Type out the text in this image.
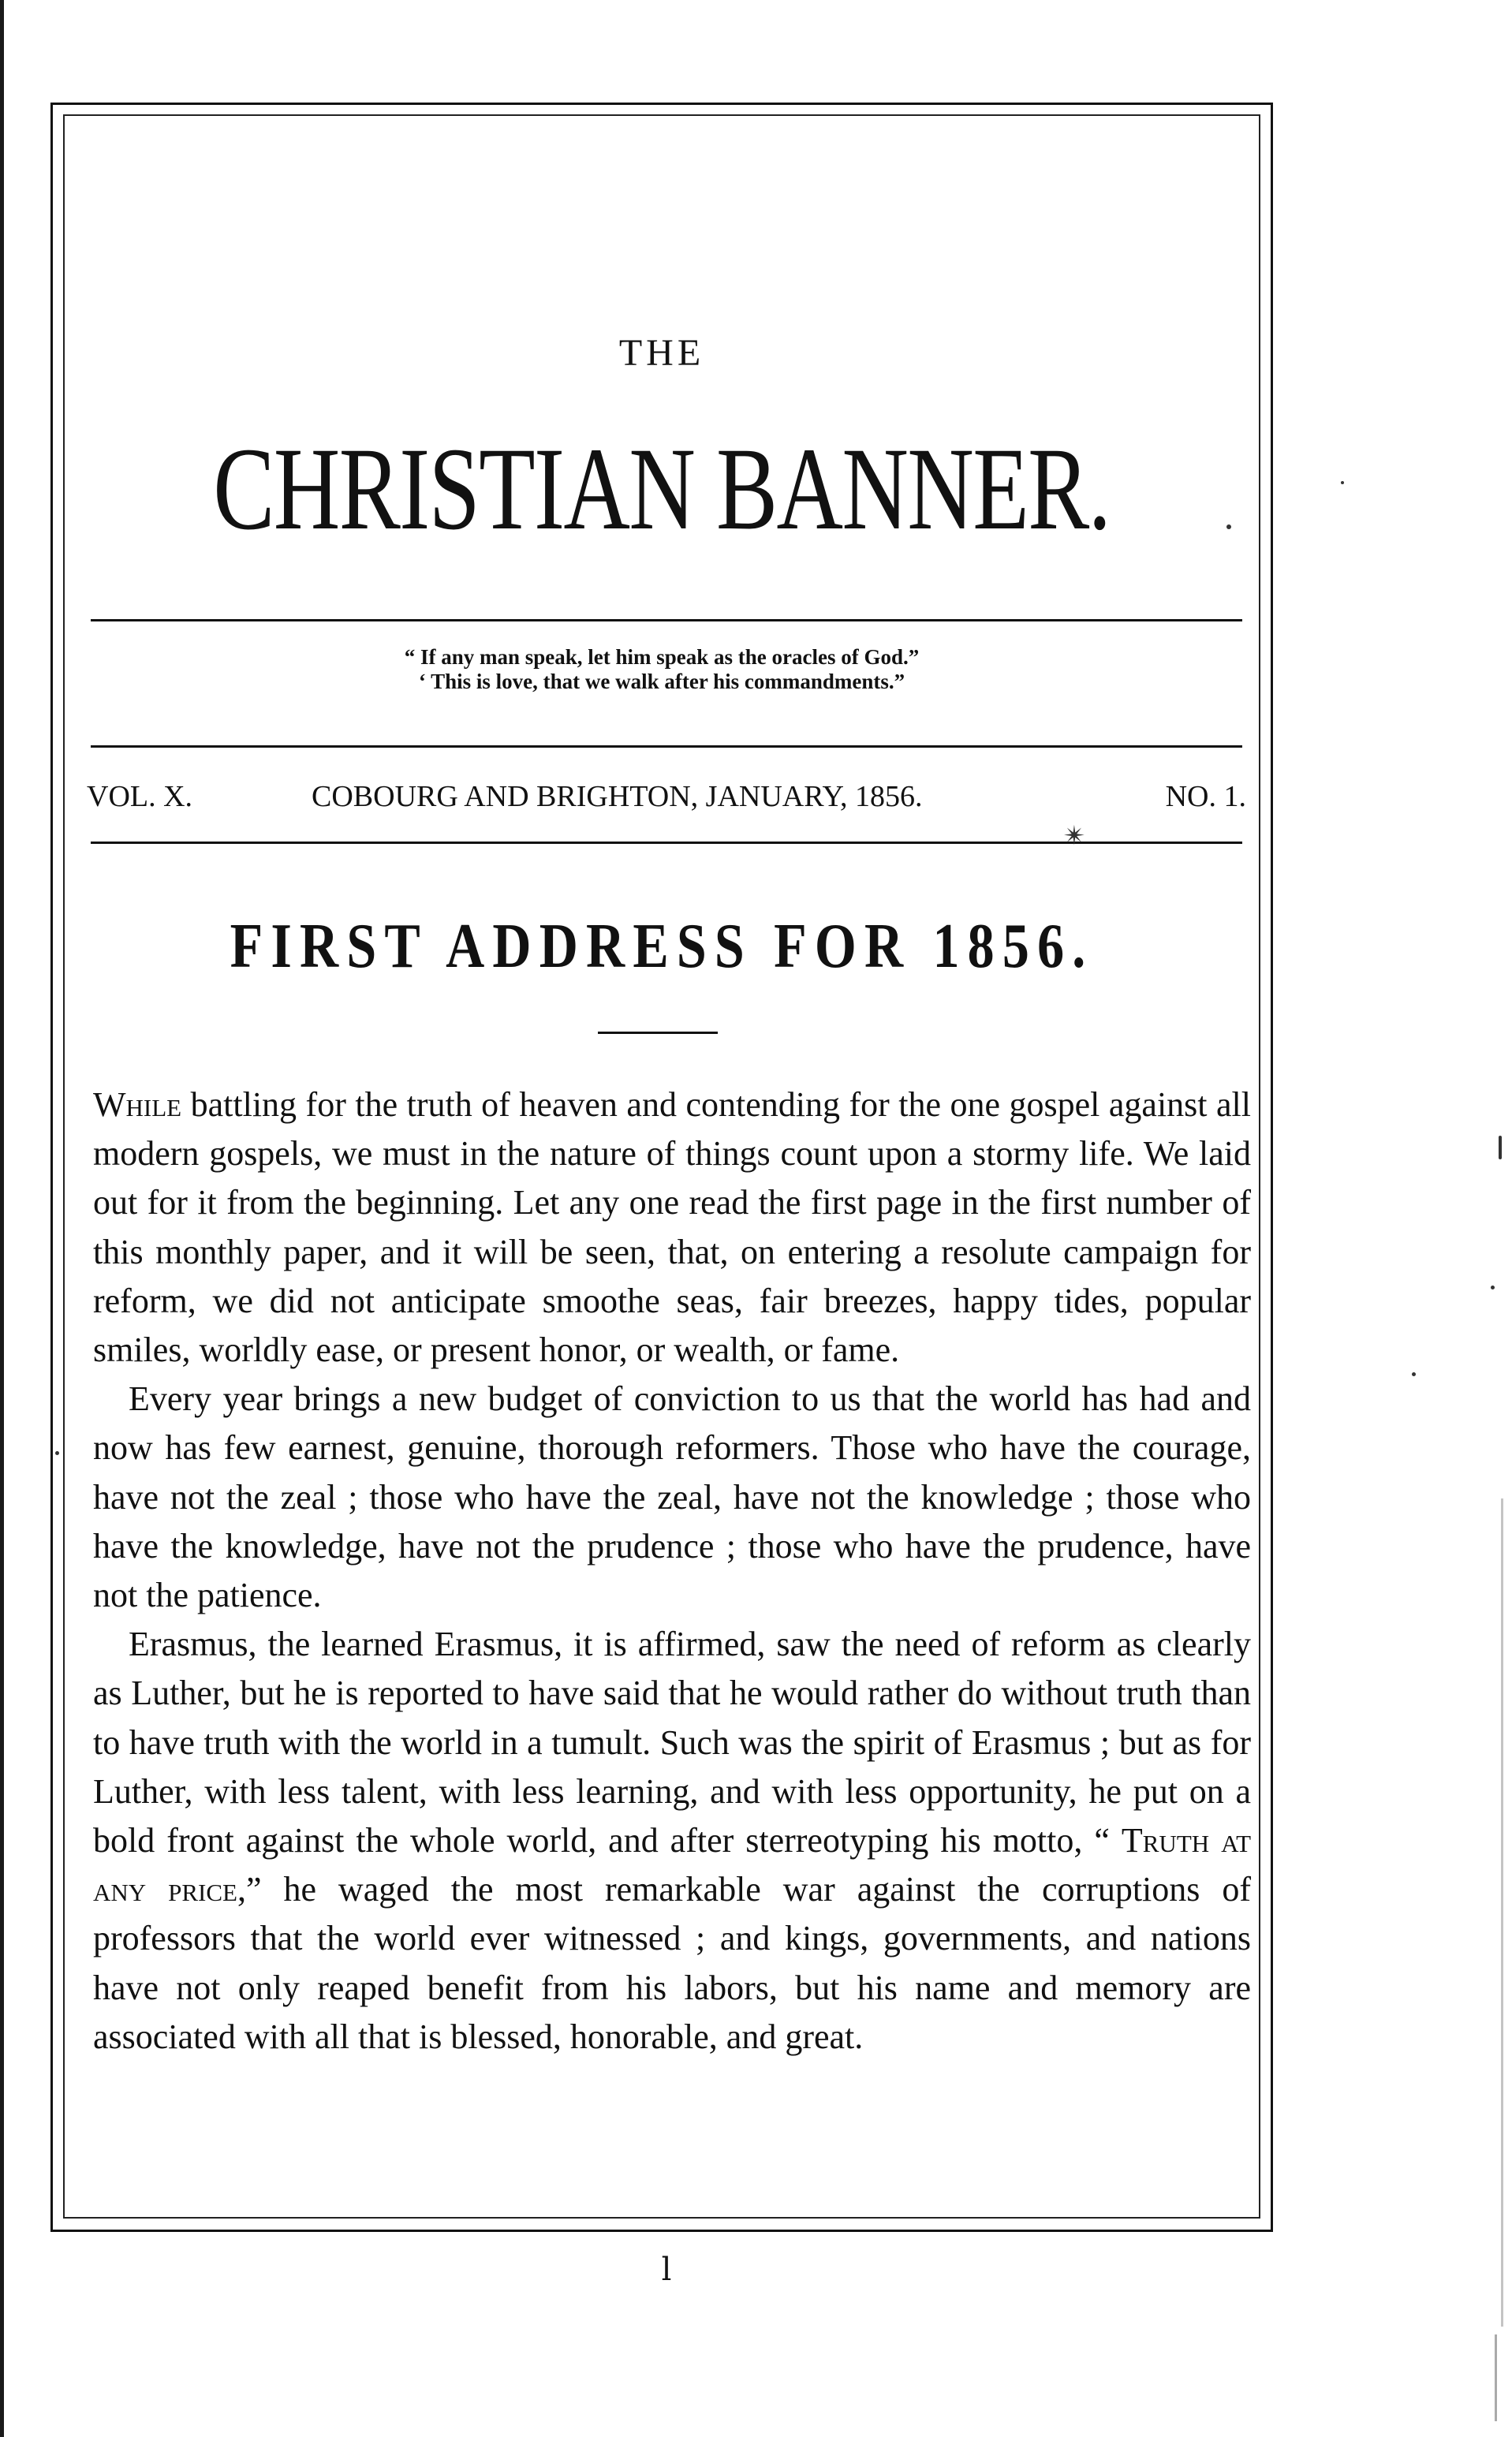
THE
CHRISTIAN BANNER.
“ If any man speak, let him speak as the oracles of God.”
‘ This is love, that we walk after his commandments.”
VOL. X.	COBOURG AND BRIGHTON, JANUARY, 1856.	NO. 1.
FIRST ADDRESS FOR 1856.

While battling for the truth of heaven and contending for the one gospel against all modern gospels, we must in the nature of things count upon a stormy life. We laid out for it from the beginning. Let any one read the first page in the first number of this monthly paper, and it will be seen, that, on entering a resolute campaign for reform, we did not anticipate smoothe seas, fair breezes, happy tides, popular smiles, worldly ease, or present honor, or wealth, or fame.

Every year brings a new budget of conviction to us that the world has had and now has few earnest, genuine, thorough reformers. Those who have the courage, have not the zeal ; those who have the zeal, have not the knowledge ; those who have the knowledge, have not the prudence ; those who have the prudence, have not the patience.

Erasmus, the learned Erasmus, it is affirmed, saw the need of reform as clearly as Luther, but he is reported to have said that he would rather do without truth than to have truth with the world in a tumult. Such was the spirit of Erasmus ; but as for Luther, with less talent, with less learning, and with less opportunity, he put on a bold front against the whole world, and after sterreotyping his motto, “ Truth at any price,” he waged the most remarkable war against the corruptions of professors that the world ever witnessed ; and kings, governments, and nations have not only reaped benefit from his labors, but his name and memory are associated with all that is blessed, honorable, and great.

l
✴
